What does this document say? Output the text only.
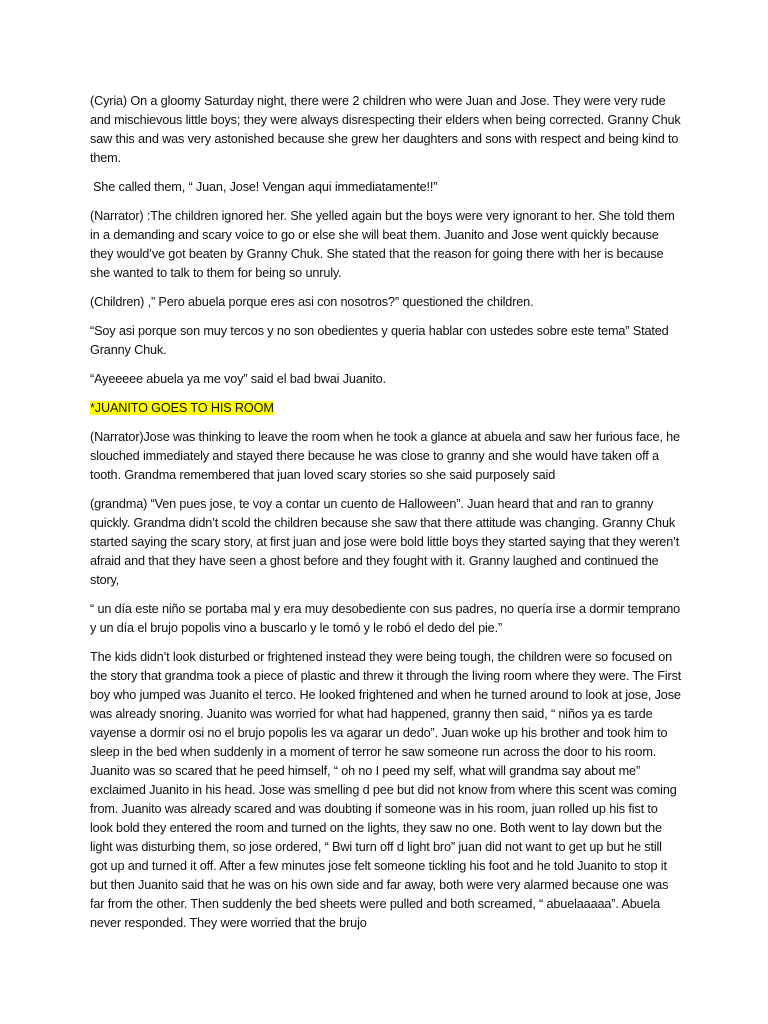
(Cyria) On a gloomy Saturday night, there were 2 children who were Juan and Jose. They were very rude and mischievous little boys; they were always disrespecting their elders when being corrected. Granny Chuk saw this and was very astonished because she grew her daughters and sons with respect and being kind to them.

She called them, “ Juan, Jose! Vengan aqui immediatamente!!”

(Narrator) :The children ignored her. She yelled again but the boys were very ignorant to her. She told them in a demanding and scary voice to go or else she will beat them. Juanito and Jose went quickly because they would’ve got beaten by Granny Chuk. She stated that the reason for going there with her is because she wanted to talk to them for being so unruly.

(Children) ,” Pero abuela porque eres asi con nosotros?” questioned the children.

“Soy asi porque son muy tercos y no son obedientes y queria hablar con ustedes sobre este tema” Stated Granny Chuk.

“Ayeeeee abuela ya me voy” said el bad bwai Juanito.

*JUANITO GOES TO HIS ROOM

(Narrator)Jose was thinking to leave the room when he took a glance at abuela and saw her furious face, he slouched immediately and stayed there because he was close to granny and she would have taken off a tooth. Grandma remembered that juan loved scary stories so she said purposely said

(grandma) “Ven pues jose, te voy a contar un cuento de Halloween”. Juan heard that and ran to granny quickly. Grandma didn’t scold the children because she saw that there attitude was changing. Granny Chuk started saying the scary story, at first juan and jose were bold little boys they started saying that they weren’t afraid and that they have seen a ghost before and they fought with it. Granny laughed and continued the story,

“ un día este niño se portaba mal y era muy desobediente con sus padres, no quería irse a dormir temprano y un día el brujo popolis vino a buscarlo y le tomó y le robó el dedo del pie.”

The kids didn’t look disturbed or frightened instead they were being tough, the children were so focused on the story that grandma took a piece of plastic and threw it through the living room where they were. The First boy who jumped was Juanito el terco. He looked frightened and when he turned around to look at jose, Jose was already snoring. Juanito was worried for what had happened, granny then said, “ niños ya es tarde vayense a dormir osi no el brujo popolis les va agarar un dedo”. Juan woke up his brother and took him to sleep in the bed when suddenly in a moment of terror he saw someone run across the door to his room. Juanito was so scared that he peed himself, “ oh no I peed my self, what will grandma say about me” exclaimed Juanito in his head. Jose was smelling d pee but did not know from where this scent was coming from. Juanito was already scared and was doubting if someone was in his room, juan rolled up his fist to look bold they entered the room and turned on the lights, they saw no one. Both went to lay down but the light was disturbing them, so jose ordered, “ Bwi turn off d light bro” juan did not want to get up but he still got up and turned it off. After a few minutes jose felt someone tickling his foot and he told Juanito to stop it but then Juanito said that he was on his own side and far away, both were very alarmed because one was far from the other. Then suddenly the bed sheets were pulled and both screamed, “ abuelaaaaa”. Abuela never responded. They were worried that the brujo
